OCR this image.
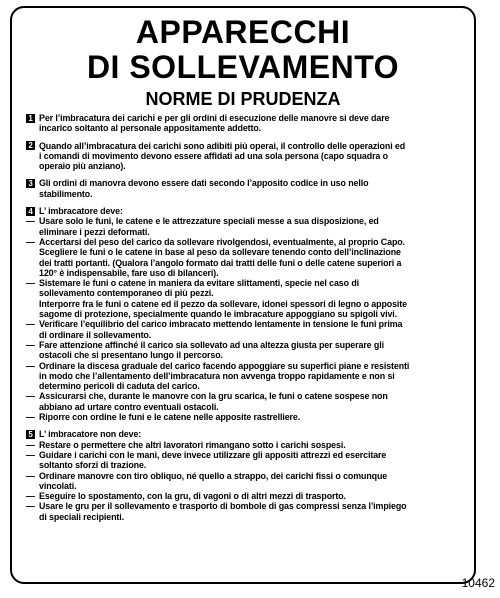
APPARECCHI
DI SOLLEVAMENTO
NORME DI PRUDENZA
1 Per l’imbracatura dei carichi e per gli ordini di esecuzione delle manovre si deve dare
incarico soltanto al personale appositamente addetto.
2 Quando all’imbracatura dei carichi sono adibiti più operai, il controllo delle operazioni ed
i comandi di movimento devono essere affidati ad una sola persona (capo squadra o
operaio più anziano).
3 Gli ordini di manovra devono essere dati secondo l’apposito codice in uso nello
stabilimento.
4 L’ imbracatore deve:
— Usare solo le funi, le catene e le attrezzature speciali messe a sua disposizione, ed
eliminare i pezzi deformati.
— Accertarsi del peso del carico da sollevare rivolgendosi, eventualmente, al proprio Capo.
Scegliere le funi o le catene in base al peso da sollevare tenendo conto dell’inclinazione
dei tratti portanti. (Qualora l’angolo formato dai tratti delle funi o delle catene superiori a
120° è indispensabile, fare uso di bilanceri).
— Sistemare le funi o catene in maniera da evitare slittamenti, specie nel caso di
sollevamento contemporaneo di più pezzi.
Interporre fra le funi o catene ed il pezzo da sollevare, idonei spessori di legno o apposite
sagome di protezione, specialmente quando le imbracature appoggiano su spigoli vivi.
— Verificare l’equilibrio del carico imbracato mettendo lentamente in tensione le funi prima
di ordinare il sollevamento.
— Fare attenzione affinché il carico sia sollevato ad una altezza giusta per superare gli
ostacoli che si presentano lungo il percorso.
— Ordinare la discesa graduale del carico facendo appoggiare su superfici piane e resistenti
in modo che l’allentamento dell’imbracatura non avvenga troppo rapidamente e non si
determino pericoli di caduta del carico.
— Assicurarsi che, durante le manovre con la gru scarica, le funi o catene sospese non
abbiano ad urtare contro eventuali ostacoli.
— Riporre con ordine le funi e le catene nelle apposite rastrelliere.
5 L’ imbracatore non deve:
— Restare o permettere che altri lavoratori rimangano sotto i carichi sospesi.
— Guidare i carichi con le mani, deve invece utilizzare gli appositi attrezzi ed esercitare
soltanto sforzi di trazione.
— Ordinare manovre con tiro obliquo, né quello a strappo, dei carichi fissi o comunque
vincolati.
— Eseguire lo spostamento, con la gru, di vagoni o di altri mezzi di trasporto.
— Usare le gru per il sollevamento e trasporto di bombole di gas compressi senza l’impiego
di speciali recipienti.
10462
